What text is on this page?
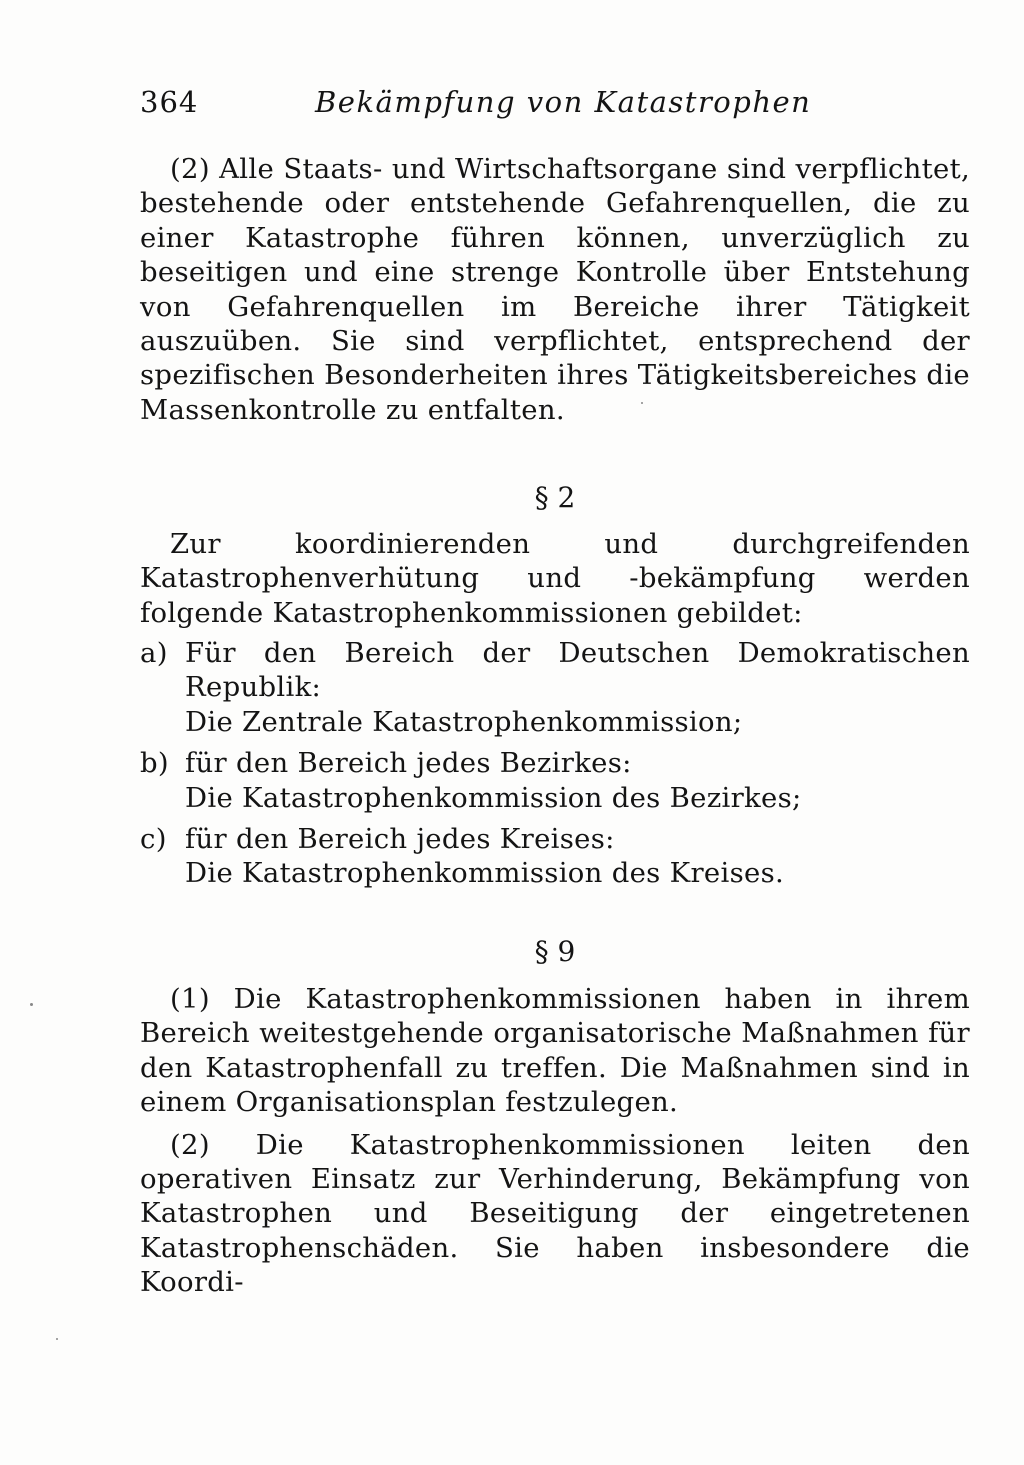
364	Bekämpfung von Katastrophen

(2) Alle Staats- und Wirtschaftsorgane sind verpflichtet, bestehende oder entstehende Gefahrenquellen, die zu einer Katastrophe führen können, unverzüglich zu beseitigen und eine strenge Kontrolle über Entstehung von Gefahrenquellen im Bereiche ihrer Tätigkeit auszuüben. Sie sind verpflichtet, entsprechend der spezifischen Besonderheiten ihres Tätigkeitsbereiches die Massenkontrolle zu entfalten.

§ 2

Zur koordinierenden und durchgreifenden Katastrophenverhütung und -bekämpfung werden folgende Katastrophenkommissionen gebildet:

a) Für den Bereich der Deutschen Demokratischen
Republik:
Die Zentrale Katastrophenkommission;
b) für den Bereich jedes Bezirkes:
Die Katastrophenkommission des Bezirkes;
c) für den Bereich jedes Kreises:
Die Katastrophenkommission des Kreises.
§ 9

(1) Die Katastrophenkommissionen haben in ihrem Bereich weitestgehende organisatorische Maßnahmen für den Katastrophenfall zu treffen. Die Maßnahmen sind in einem Organisationsplan festzulegen.

(2) Die Katastrophenkommissionen leiten den operativen Einsatz zur Verhinderung, Bekämpfung von Katastrophen und Beseitigung der eingetretenen Katastrophenschäden. Sie haben insbesondere die Koordi-
